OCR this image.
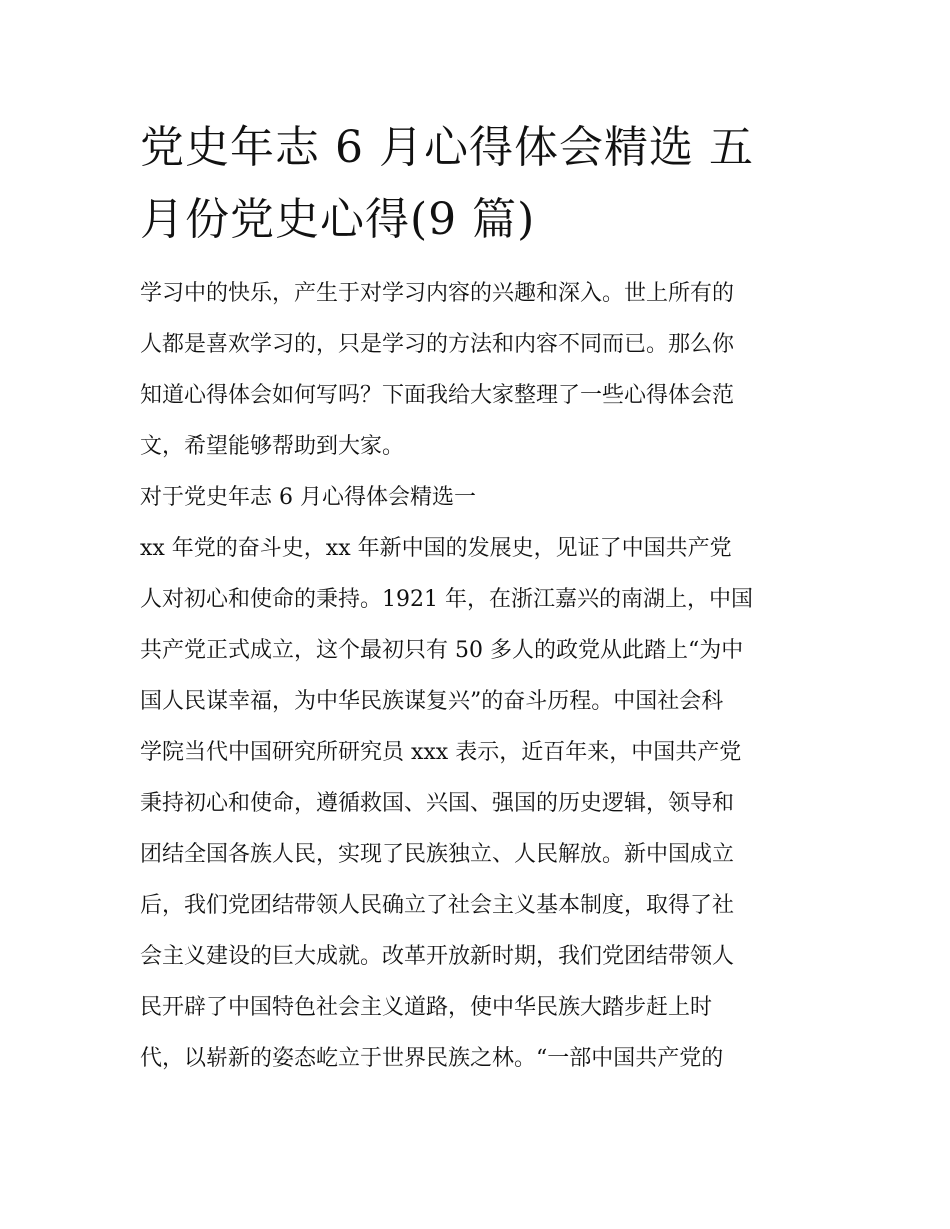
党史年志 6 月心得体会精选 五
月份党史心得(9 篇)

学习中的快乐，产生于对学习内容的兴趣和深入。世上所有的
人都是喜欢学习的，只是学习的方法和内容不同而已。那么你
知道心得体会如何写吗？下面我给大家整理了一些心得体会范
文，希望能够帮助到大家。

对于党史年志 6 月心得体会精选一

xx 年党的奋斗史，xx 年新中国的发展史，见证了中国共产党
人对初心和使命的秉持。1921 年，在浙江嘉兴的南湖上，中国
共产党正式成立，这个最初只有 50 多人的政党从此踏上“为中
国人民谋幸福，为中华民族谋复兴”的奋斗历程。中国社会科
学院当代中国研究所研究员 xxx 表示，近百年来，中国共产党
秉持初心和使命，遵循救国、兴国、强国的历史逻辑，领导和
团结全国各族人民，实现了民族独立、人民解放。新中国成立
后，我们党团结带领人民确立了社会主义基本制度，取得了社
会主义建设的巨大成就。改革开放新时期，我们党团结带领人
民开辟了中国特色社会主义道路，使中华民族大踏步赶上时
代，以崭新的姿态屹立于世界民族之林。“一部中国共产党的
